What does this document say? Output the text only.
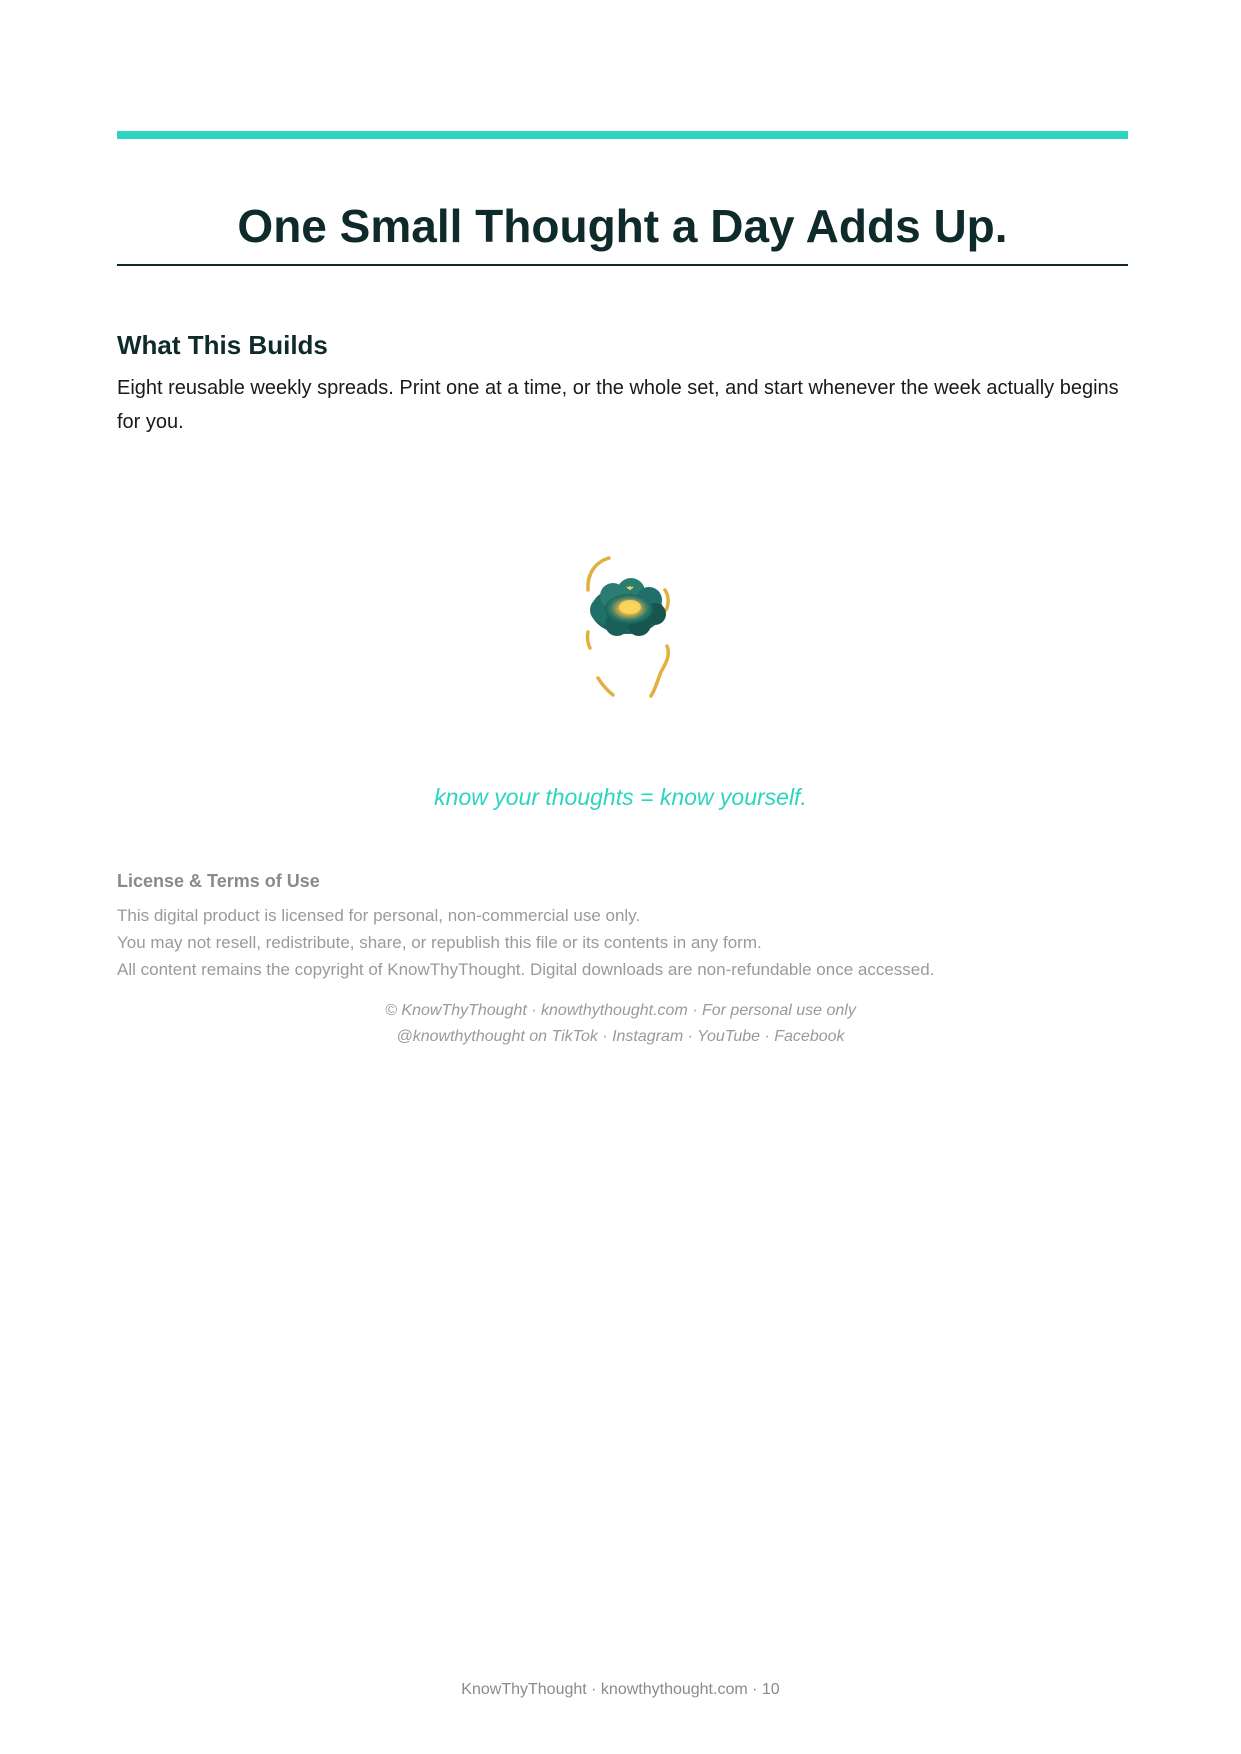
One Small Thought a Day Adds Up.
What This Builds

Eight reusable weekly spreads. Print one at a time, or the whole set, and start whenever the week actually begins for you.

know your thoughts = know yourself.

License & Terms of Use

This digital product is licensed for personal, non-commercial use only.

You may not resell, redistribute, share, or republish this file or its contents in any form.

All content remains the copyright of KnowThyThought. Digital downloads are non-refundable once accessed.

© KnowThyThought · knowthythought.com · For personal use only

@knowthythought on TikTok · Instagram · YouTube · Facebook

KnowThyThought · knowthythought.com · 10
